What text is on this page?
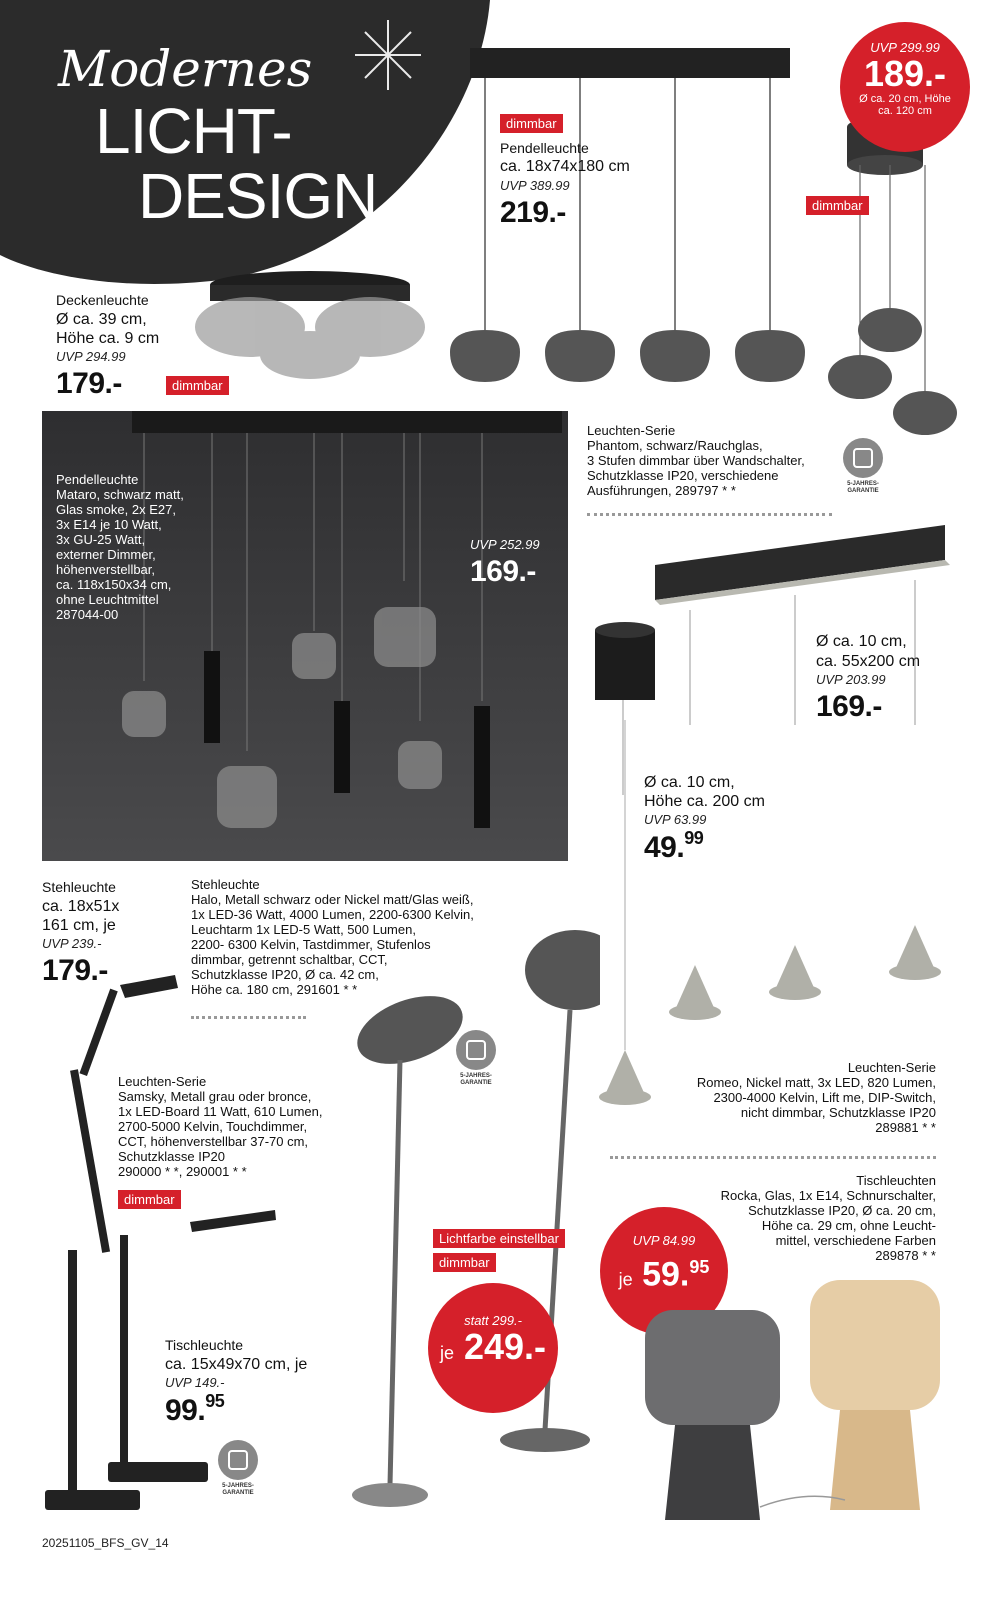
Modernes
LICHT-
DESIGN
dimmbar
Pendelleuchte
ca. 18x74x180 cm
UVP 389.99
219.-
UVP 299.99
189.-
Ø ca. 20 cm, Höhe
ca. 120 cm
dimmbar
Deckenleuchte
Ø ca. 39 cm,
Höhe ca. 9 cm
UVP 294.99
179.-	dimmbar
Pendelleuchte
Mataro, schwarz matt,
Glas smoke, 2x E27,
3x E14 je 10 Watt,
3x GU-25 Watt,
externer Dimmer,
höhenverstellbar,
ca. 118x150x34 cm,
ohne Leuchtmittel
287044-00
UVP 252.99
169.-
Leuchten-Serie
Phantom, schwarz/Rauchglas,
3 Stufen dimmbar über Wandschalter,
Schutzklasse IP20, verschiedene
Ausführungen, 289797 * *	5-JAHRES-
GARANTIE
Ø ca. 10 cm,
ca. 55x200 cm
UVP 203.99
169.-
Ø ca. 10 cm,
Höhe ca. 200 cm
UVP 63.99
49.99
Stehleuchte
ca. 18x51x
161 cm, je
UVP 239.-
179.-
Stehleuchte
Halo, Metall schwarz oder Nickel matt/Glas weiß,
1x LED-36 Watt, 4000 Lumen, 2200-6300 Kelvin,
Leuchtarm 1x LED-5 Watt, 500 Lumen,
2200- 6300 Kelvin, Tastdimmer, Stufenlos
dimmbar, getrennt schaltbar, CCT,
Schutzklasse IP20, Ø ca. 42 cm,
Höhe ca. 180 cm, 291601 * *
5-JAHRES-
GARANTIE
Leuchten-Serie
Samsky, Metall grau oder bronce,
1x LED-Board 11 Watt, 610 Lumen,
2700-5000 Kelvin, Touchdimmer,
CCT, höhenverstellbar 37-70 cm,
Schutzklasse IP20
290000 * *, 290001 * *
dimmbar
Tischleuchte
ca. 15x49x70 cm, je
UVP 149.-
99.95
5-JAHRES-
GARANTIE
Lichtfarbe einstellbar
dimmbar
statt 299.-
je 249.-
Leuchten-Serie
Romeo, Nickel matt, 3x LED, 820 Lumen,
2300-4000 Kelvin, Lift me, DIP-Switch,
nicht dimmbar, Schutzklasse IP20
289881 * *
Tischleuchten
Rocka, Glas, 1x E14, Schnurschalter,
Schutzklasse IP20, Ø ca. 20 cm,
Höhe ca. 29 cm, ohne Leucht-
mittel, verschiedene Farben
289878 * *
UVP 84.99
je 59.95
20251105_BFS_GV_14
